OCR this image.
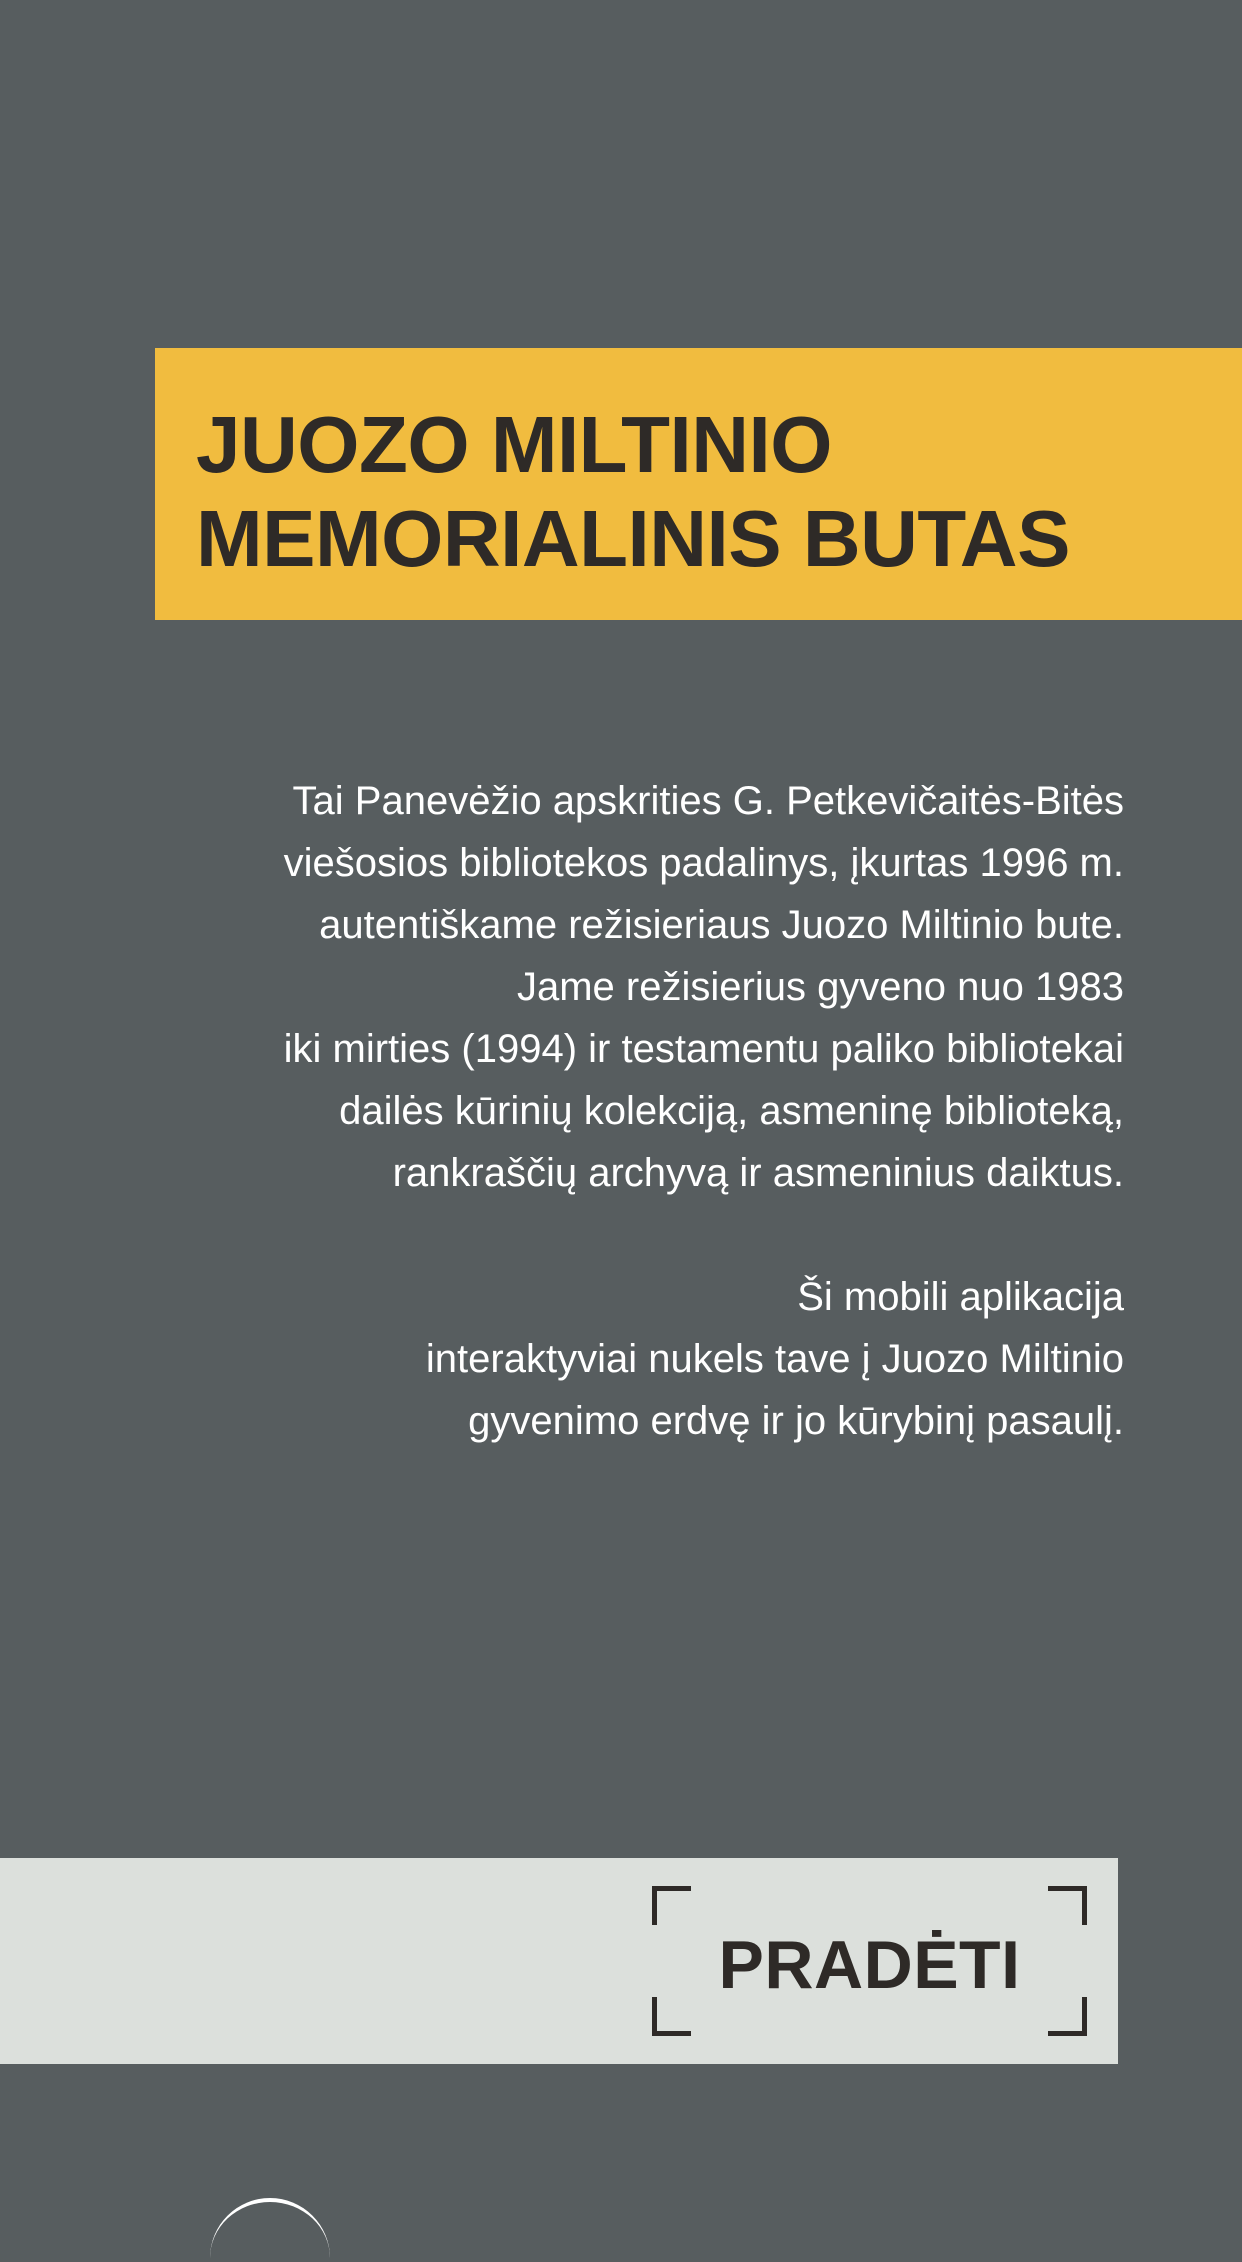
JUOZO MILTINIO
MEMORIALINIS BUTAS
Tai Panevėžio apskrities G. Petkevičaitės-Bitės
viešosios bibliotekos padalinys, įkurtas 1996 m.
autentiškame režisieriaus Juozo Miltinio bute.
Jame režisierius gyveno nuo 1983
iki mirties (1994) ir testamentu paliko bibliotekai
dailės kūrinių kolekciją, asmeninę biblioteką,
rankraščių archyvą ir asmeninius daiktus.
Ši mobili aplikacija
interaktyviai nukels tave į Juozo Miltinio
gyvenimo erdvę ir jo kūrybinį pasaulį.
PRADĖTI
